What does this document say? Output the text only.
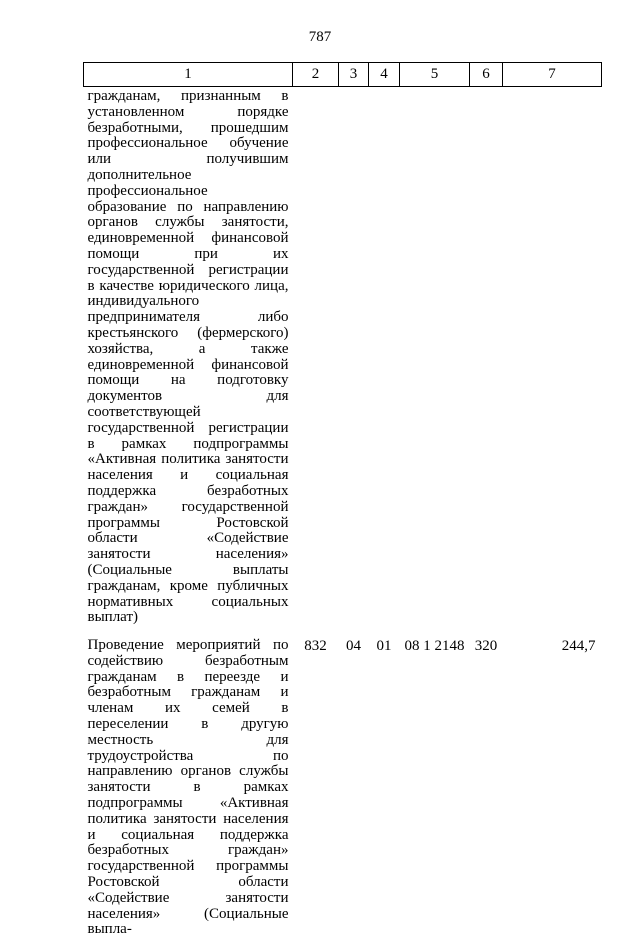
787
1	2	3	4	5	6	7
гражданам, признанным в установленном порядке безработными, прошедшим профессиональное обучение или получившим дополнительное профессиональное образование по направлению органов службы занятости, единовременной финансовой помощи при их государственной регистрации в качестве юридического лица, индивидуального предпринимателя либо крестьянского (фермерского) хозяйства, а также единовременной финансовой помощи на подготовку документов для соответствующей государственной регистрации в рамках подпрограммы «Активная политика занятости населения и социальная поддержка безработных граждан» государственной программы Ростовской области «Содействие занятости населения» (Социальные выплаты гражданам, кроме публичных нормативных социальных выплат)						
Проведение мероприятий по содействию безработным гражданам в переезде и безработным гражданам и членам их семей в переселении в другую местность для трудоустройства по направлению органов службы занятости в рамках подпрограммы «Активная политика занятости населения и социальная поддержка безработных граждан» государственной программы Ростовской области «Содействие занятости населения» (Социальные выпла-	832	04	01	08 1 2148	320	244,7
